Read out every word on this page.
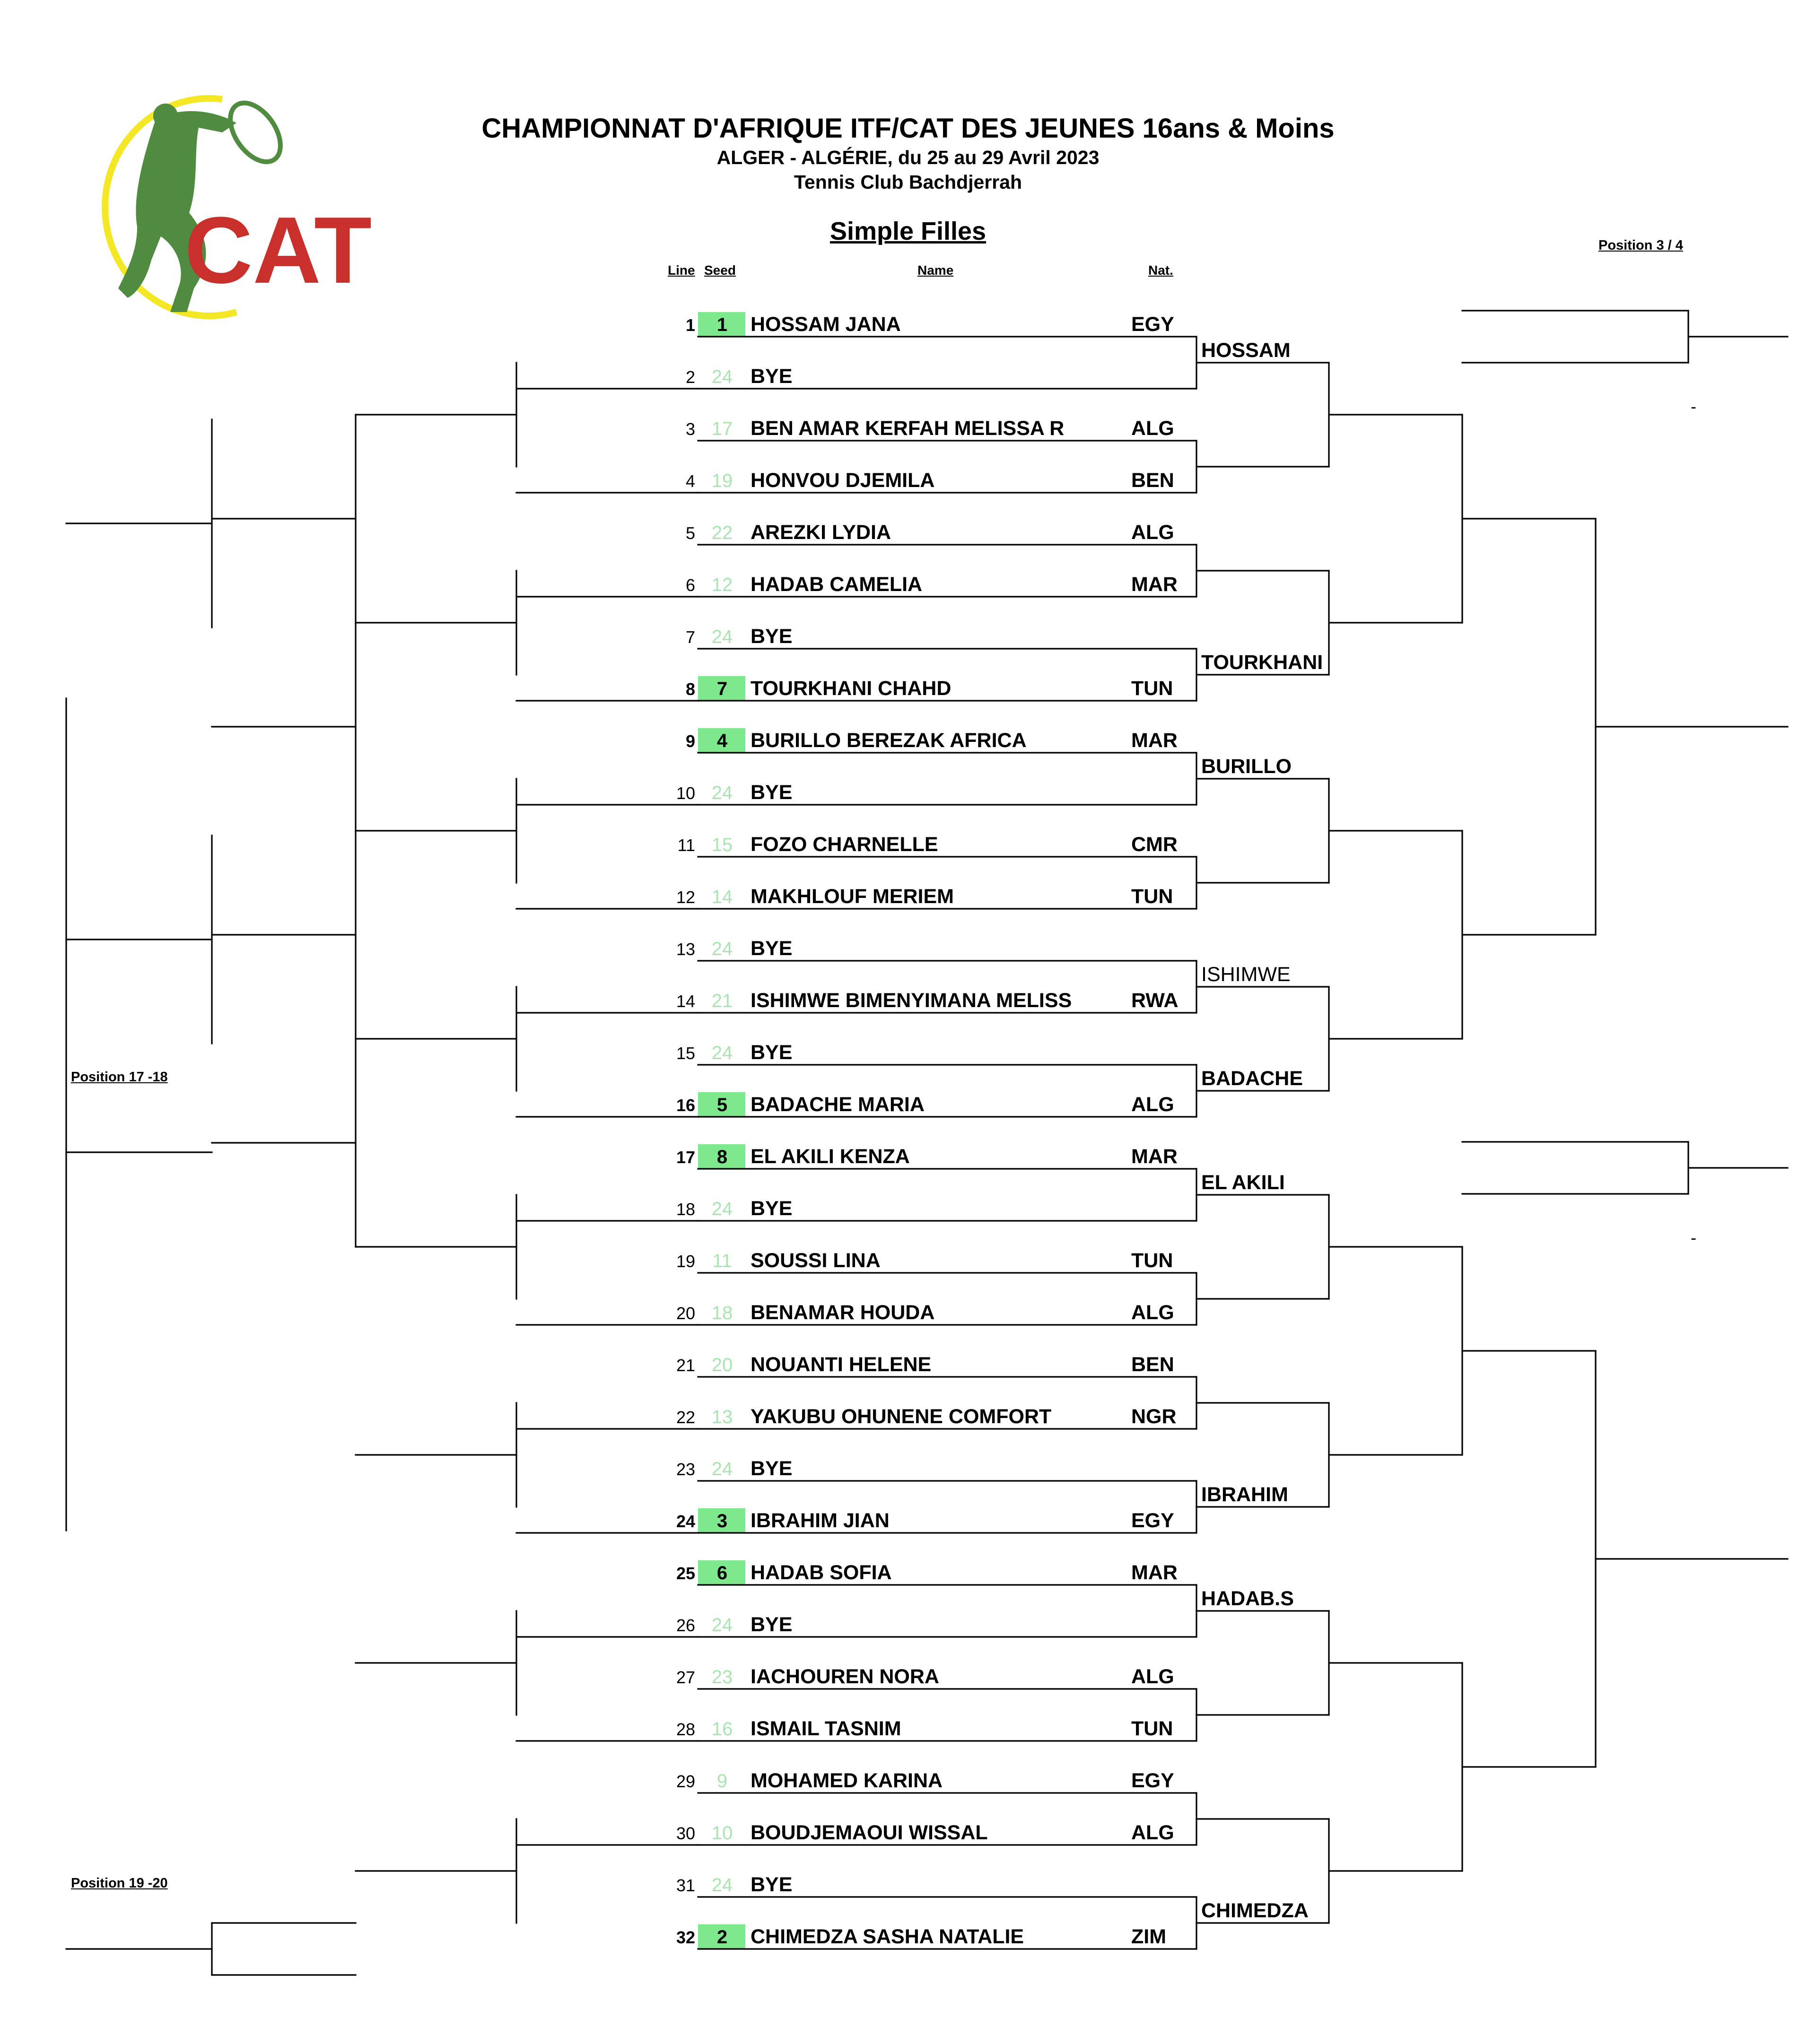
CHAMPIONNAT D'AFRIQUE ITF/CAT DES JEUNES 16ans & Moins
ALGER - ALGÉRIE, du 25 au 29 Avril 2023
Tennis Club Bachdjerrah
Simple Filles
Line Seed	Name	Nat.
Position 3 / 4
Position 17 -18
Position 19 -20
CAT
1 1 HOSSAM JANA	EGY
2 24 BYE
3 17 BEN AMAR KERFAH MELISSA R	ALG
4 19 HONVOU DJEMILA	BEN
5 22 AREZKI LYDIA	ALG
6 12 HADAB CAMELIA	MAR
7 24 BYE
8 7 TOURKHANI CHAHD	TUN
9 4 BURILLO BEREZAK AFRICA	MAR
10 24 BYE
11 15 FOZO CHARNELLE	CMR
12 14 MAKHLOUF MERIEM	TUN
13 24 BYE
14 21 ISHIMWE BIMENYIMANA MELISS	RWA
15 24 BYE
16 5 BADACHE MARIA	ALG
17 8 EL AKILI KENZA	MAR
18 24 BYE
19 11 SOUSSI LINA	TUN
20 18 BENAMAR HOUDA	ALG
21 20 NOUANTI HELENE	BEN
22 13 YAKUBU OHUNENE COMFORT	NGR
23 24 BYE
24 3 IBRAHIM JIAN	EGY
25 6 HADAB SOFIA	MAR
26 24 BYE
27 23 IACHOUREN NORA	ALG
28 16 ISMAIL TASNIM	TUN
29 9 MOHAMED KARINA	EGY
30 10 BOUDJEMAOUI WISSAL	ALG
31 24 BYE
32 2 CHIMEDZA SASHA NATALIE	ZIM
HOSSAM
TOURKHANI
BURILLO
ISHIMWE
BADACHE
EL AKILI
IBRAHIM
HADAB.S
CHIMEDZA
-
-
